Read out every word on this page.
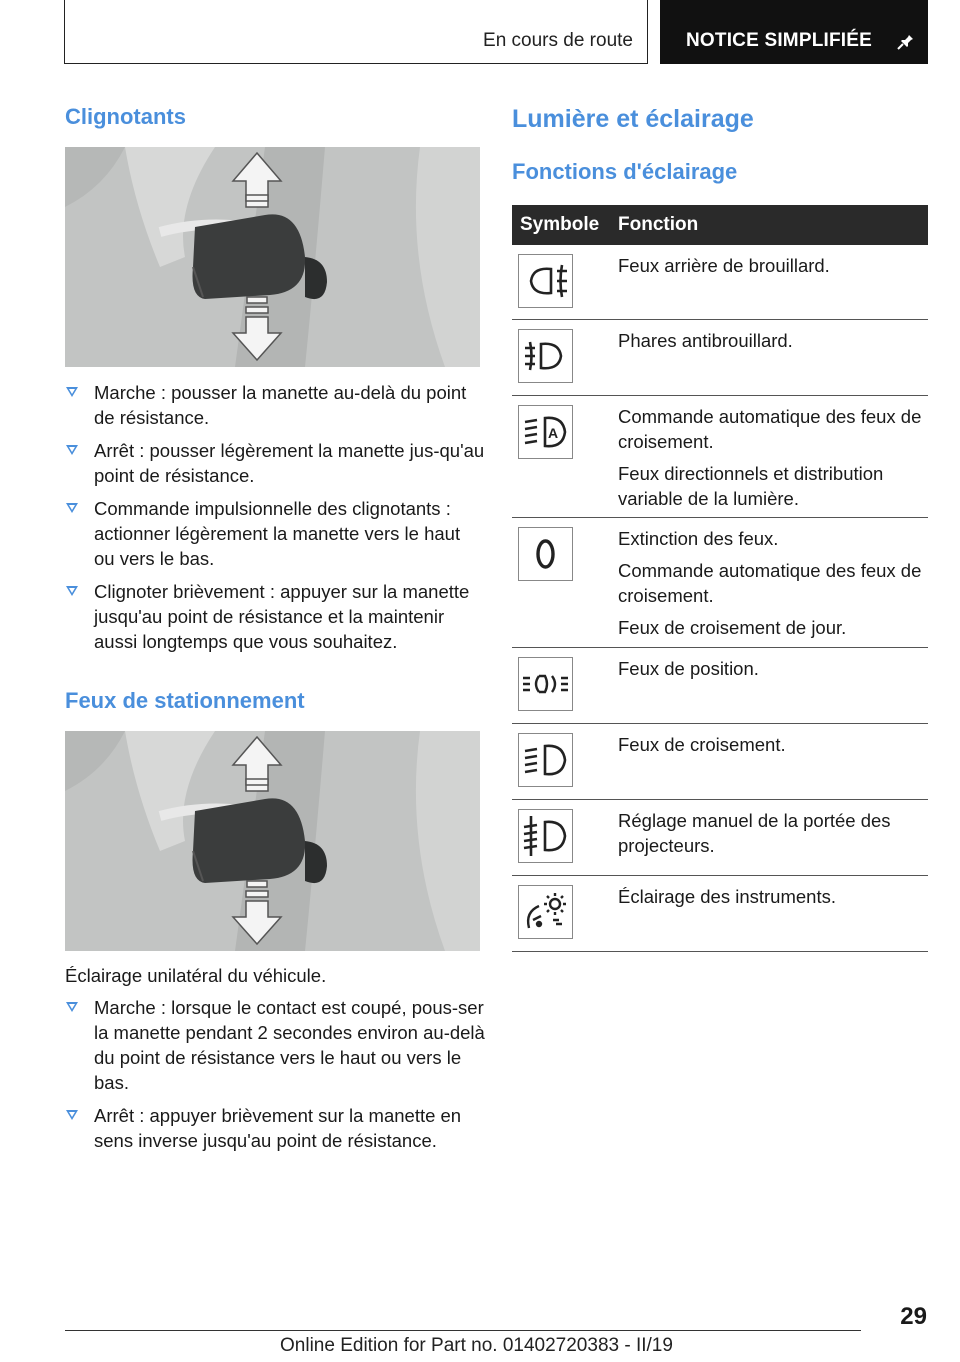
En cours de route	NOTICE SIMPLIFIÉE
Clignotants
Marche : pousser la manette au-delà du point de résistance.
Arrêt : pousser légèrement la manette jus-qu'au point de résistance.
Commande impulsionnelle des clignotants : actionner légèrement la manette vers le haut ou vers le bas.
Clignoter brièvement : appuyer sur la manette jusqu'au point de résistance et la maintenir aussi longtemps que vous souhaitez.
Feux de stationnement
Éclairage unilatéral du véhicule.
Marche : lorsque le contact est coupé, pous-ser la manette pendant 2 secondes environ au-delà du point de résistance vers le haut ou vers le bas.
Arrêt : appuyer brièvement sur la manette en sens inverse jusqu'au point de résistance.
Lumière et éclairage
Fonctions d'éclairage
Symbole Fonction

Feux arrière de brouillard.

Phares antibrouillard.

A

Commande automatique des feux de croisement.

Feux directionnels et distribution variable de la lumière.

Extinction des feux.

Commande automatique des feux de croisement.

Feux de croisement de jour.

Feux de position.

Feux de croisement.

Réglage manuel de la portée des projecteurs.

Éclairage des instruments.

29
Online Edition for Part no. 01402720383 - II/19
